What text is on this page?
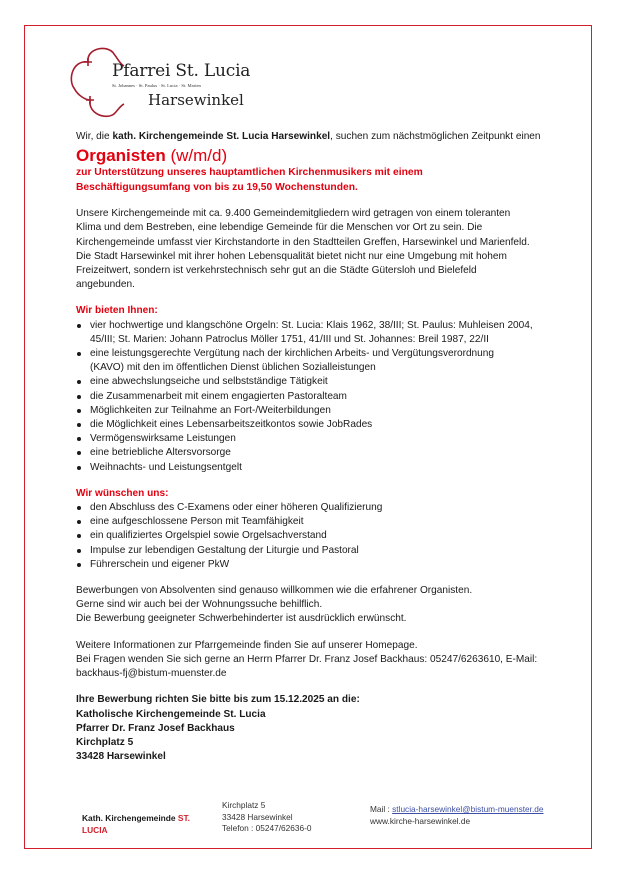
Pfarrei St. Lucia
St. Johannes · St. Paulus · St. Lucia · St. Marien
Harsewinkel

Wir, die kath. Kirchengemeinde St. Lucia Harsewinkel, suchen zum nächstmöglichen Zeitpunkt einen

Organisten (w/m/d)

zur Unterstützung unseres hauptamtlichen Kirchenmusikers mit einem
Beschäftigungsumfang von bis zu 19,50 Wochenstunden.

Unsere Kirchengemeinde mit ca. 9.400 Gemeindemitgliedern wird getragen von einem toleranten
Klima und dem Bestreben, eine lebendige Gemeinde für die Menschen vor Ort zu sein. Die
Kirchengemeinde umfasst vier Kirchstandorte in den Stadtteilen Greffen, Harsewinkel und Marienfeld.
Die Stadt Harsewinkel mit ihrer hohen Lebensqualität bietet nicht nur eine Umgebung mit hohem
Freizeitwert, sondern ist verkehrstechnisch sehr gut an die Städte Gütersloh und Bielefeld
angebunden.

Wir bieten Ihnen:

vier hochwertige und klangschöne Orgeln: St. Lucia: Klais 1962, 38/III; St. Paulus: Muhleisen 2004,
45/III; St. Marien: Johann Patroclus Möller 1751, 41/III und St. Johannes: Breil 1987, 22/II
eine leistungsgerechte Vergütung nach der kirchlichen Arbeits- und Vergütungsverordnung
(KAVO) mit den im öffentlichen Dienst üblichen Sozialleistungen
eine abwechslungseiche und selbstständige Tätigkeit
die Zusammenarbeit mit einem engagierten Pastoralteam
Möglichkeiten zur Teilnahme an Fort-/Weiterbildungen
die Möglichkeit eines Lebensarbeitszeitkontos sowie JobRades
Vermögenswirksame Leistungen
eine betriebliche Altersvorsorge
Weihnachts- und Leistungsentgelt

Wir wünschen uns:

den Abschluss des C-Examens oder einer höheren Qualifizierung
eine aufgeschlossene Person mit Teamfähigkeit
ein qualifiziertes Orgelspiel sowie Orgelsachverstand
Impulse zur lebendigen Gestaltung der Liturgie und Pastoral
Führerschein und eigener PkW

Bewerbungen von Absolventen sind genauso willkommen wie die erfahrener Organisten.
Gerne sind wir auch bei der Wohnungssuche behilflich.
Die Bewerbung geeigneter Schwerbehinderter ist ausdrücklich erwünscht.

Weitere Informationen zur Pfarrgemeinde finden Sie auf unserer Homepage.
Bei Fragen wenden Sie sich gerne an Herrn Pfarrer Dr. Franz Josef Backhaus: 05247/6263610, E-Mail:
backhaus-fj@bistum-muenster.de

Ihre Bewerbung richten Sie bitte bis zum 15.12.2025 an die:
Katholische Kirchengemeinde St. Lucia
Pfarrer Dr. Franz Josef Backhaus
Kirchplatz 5
33428 Harsewinkel

Kath. Kirchengemeinde ST. LUCIA
Kirchplatz 5
33428 Harsewinkel
Telefon : 05247/62636-0
Mail : stlucia-harsewinkel@bistum-muenster.de
www.kirche-harsewinkel.de
